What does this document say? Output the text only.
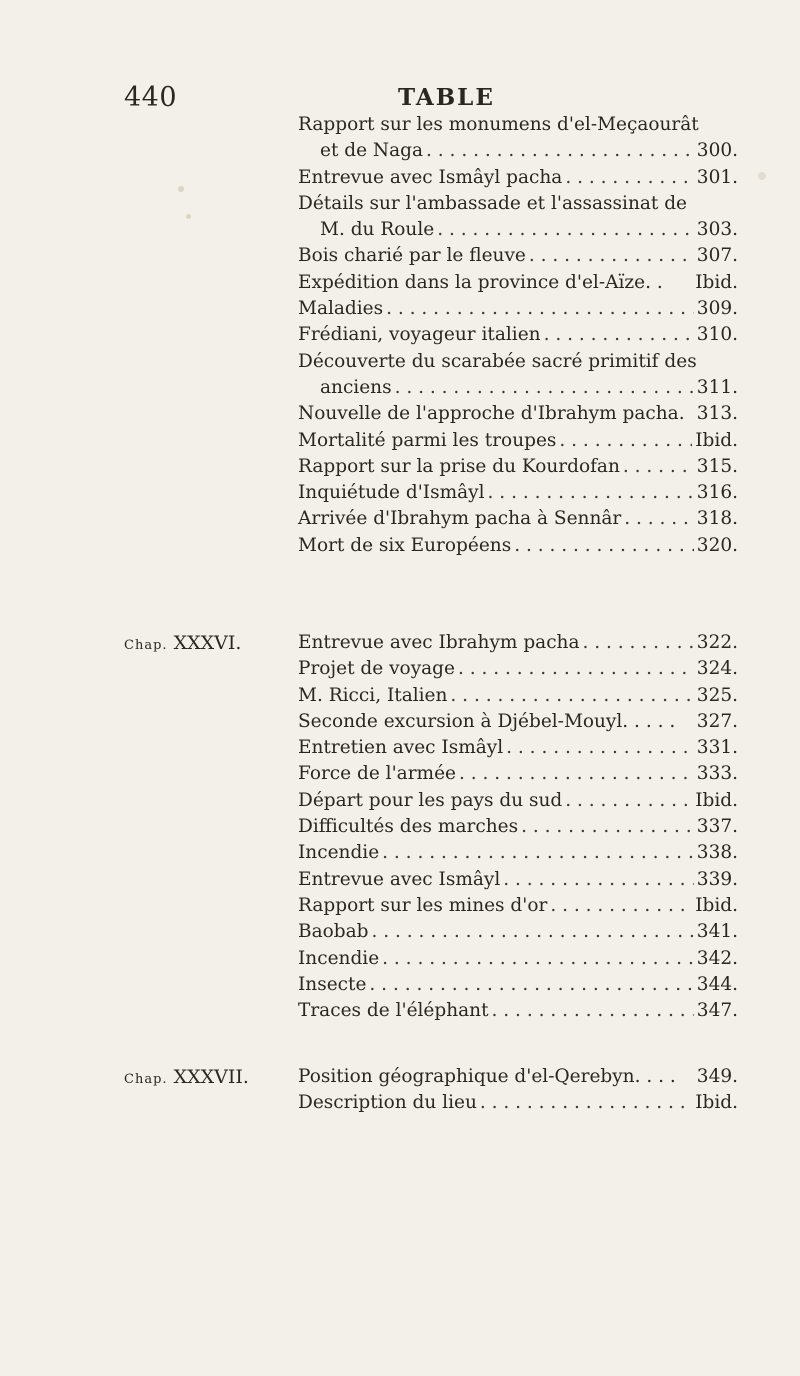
440	TABLE
Rapport sur les monumens d'el-Meçaourât
et de Naga . . .	300.
Entrevue avec Ismâyl pacha . . .	301.
Détails sur l'ambassade et l'assassinat de
M. du Roule . . .	303.
Bois charié par le fleuve . . .	307.
Expédition dans la province d'el-Aïze. . Ibid.
Maladies . . .	309.
Frédiani, voyageur italien . . .	310.
Découverte du scarabée sacré primitif des
anciens . . .	311.
Nouvelle de l'approche d'Ibrahym pacha. 313.
Mortalité parmi les troupes . . .	Ibid.
Rapport sur la prise du Kourdofan . . .	315.
Inquiétude d'Ismâyl . . .	316.
Arrivée d'Ibrahym pacha à Sennâr . . .	318.
Mort de six Européens . . .	320.
Chap. XXXVI.	Entrevue avec Ibrahym pacha . . .	322.
Projet de voyage . . .	324.
M. Ricci, Italien . . .	325.
Seconde excursion à Djébel-Mouyl. . . . . 327.
Entretien avec Ismâyl . . .	331.
Force de l'armée . . .	333.
Départ pour les pays du sud . . .	Ibid.
Difficultés des marches . . .	337.
Incendie . . .	338.
Entrevue avec Ismâyl . . .	339.
Rapport sur les mines d'or . . .	Ibid.
Baobab . . .	341.
Incendie . . .	342.
Insecte . . .	344.
Traces de l'éléphant . . .	347.
Chap. XXXVII.	Position géographique d'el-Qerebyn. . . . 349.
Description du lieu . . .	Ibid.
